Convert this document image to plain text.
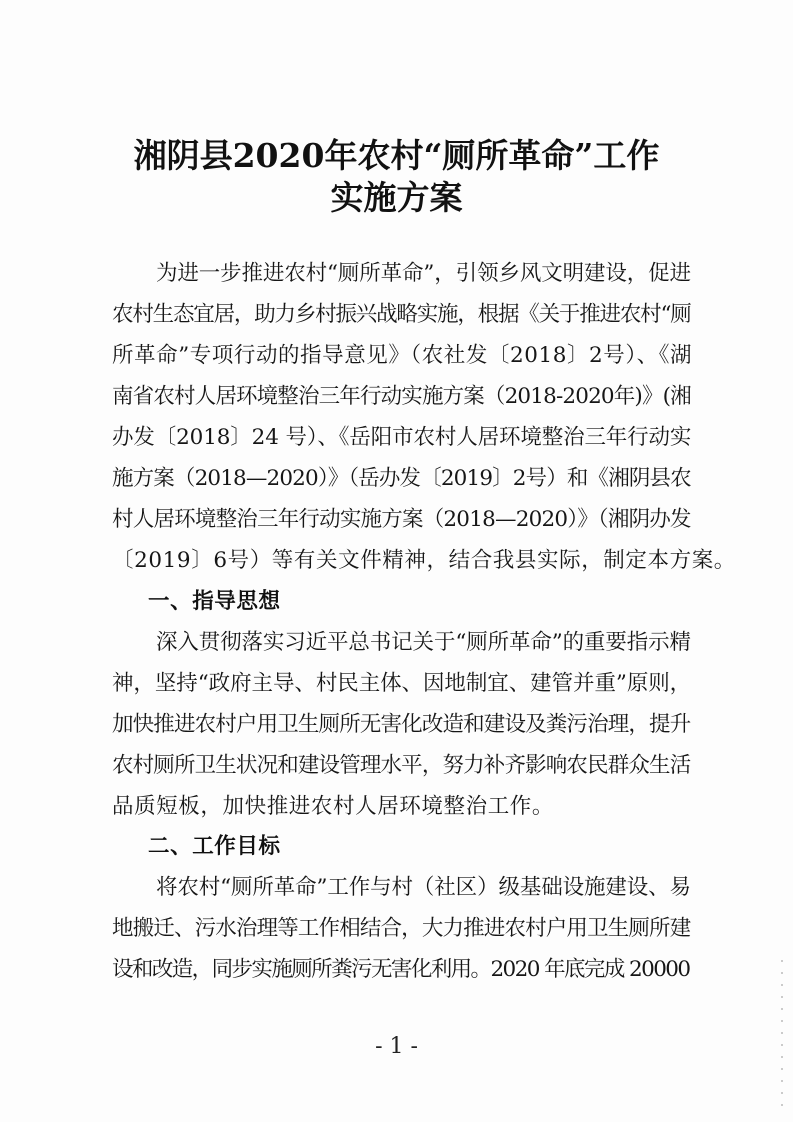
湘阴县2020年农村“厕所革命”工作
实施方案
为进一步推进农村“厕所革命”，引领乡风文明建设，促进
农村生态宜居，助力乡村振兴战略实施，根据《关于推进农村“厕
所革命”专项行动的指导意见》（农社发〔2018〕2号）、《湖
南省农村人居环境整治三年行动实施方案（2018-2020年)》(湘
办发〔2018〕24 号）、《岳阳市农村人居环境整治三年行动实
施方案（2018—2020）》（岳办发〔2019〕2号）和《湘阴县农
村人居环境整治三年行动实施方案（2018—2020）》（湘阴办发
〔2019〕6号）等有关文件精神，结合我县实际，制定本方案。
一、指导思想
深入贯彻落实习近平总书记关于“厕所革命”的重要指示精
神，坚持“政府主导、村民主体、因地制宜、建管并重”原则，
加快推进农村户用卫生厕所无害化改造和建设及粪污治理，提升
农村厕所卫生状况和建设管理水平，努力补齐影响农民群众生活
品质短板，加快推进农村人居环境整治工作。
二、工作目标
将农村“厕所革命”工作与村（社区）级基础设施建设、易
地搬迁、污水治理等工作相结合，大力推进农村户用卫生厕所建
设和改造，同步实施厕所粪污无害化利用。2020 年底完成 20000
- 1 -
